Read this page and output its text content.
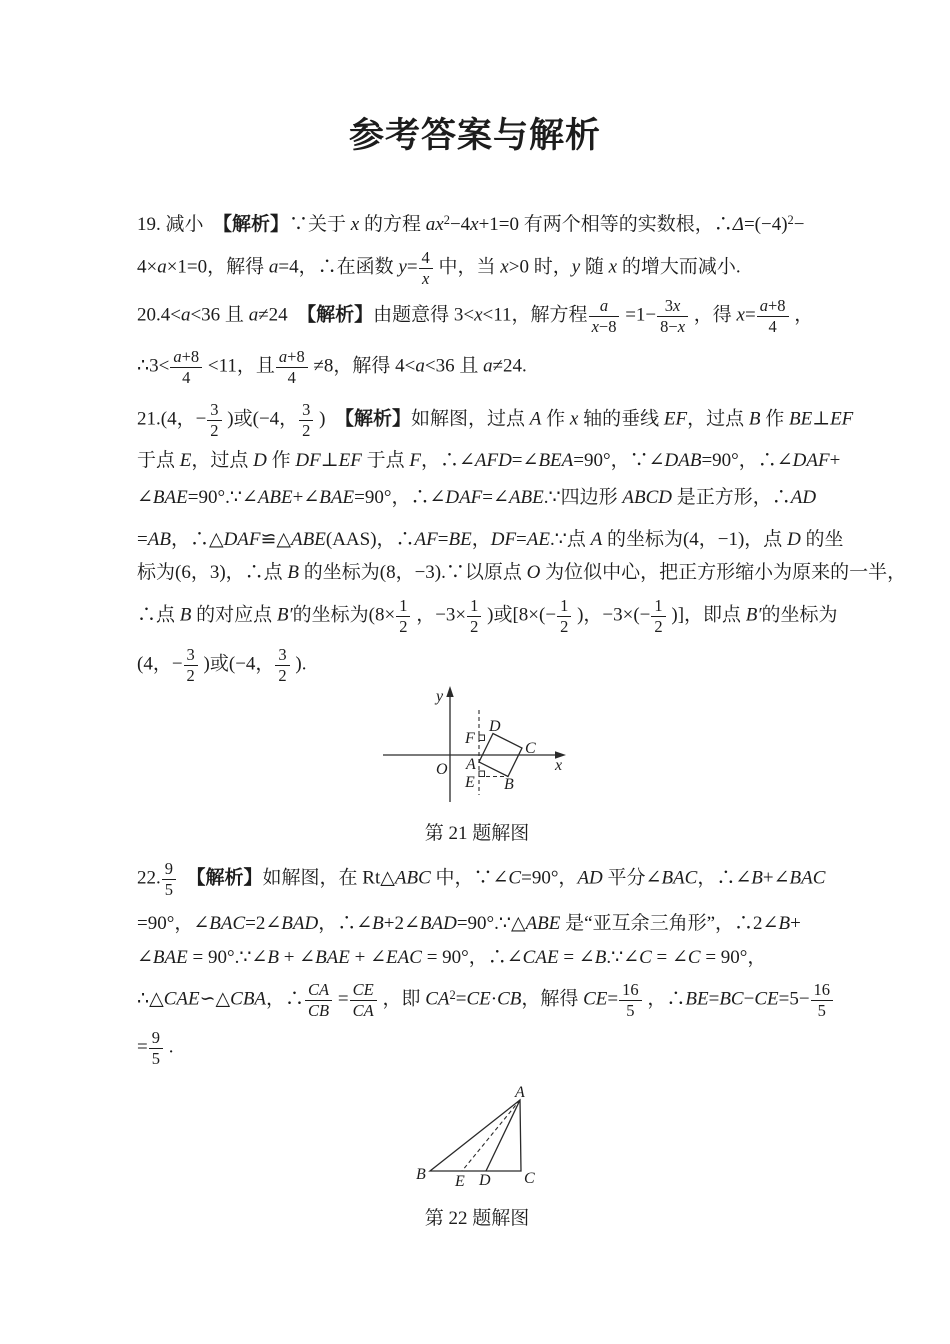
参考答案与解析
19. 减小　【解析】∵关于 x 的方程 $ax^2-4x+1=0$ 有两个相等的实数根，$\therefore\Delta=(-4)^2-$
4×a×1=0，解得 a=4，∴在函数 $y= \frac{4}{x}$ 中，当 x>0 时，y 随 x 的增大而减小.
20.4<a<36 且 a≠24　【解析】由题意得 3<x<11，解方程 $\frac{a}{x-8} =1- \frac{3x}{8-x}$ ，得 $x= \frac{a+8}{4}$ ，
∴3< $\frac{a+8}{4} <11$，且 $\frac{a+8}{4} \ne 8$，解得 4<a<36 且 a≠24.
21.(4，− $\frac{3}{2}$ )或(−4， $\frac{3}{2}$ )　【解析】如解图，过点 A 作 x 轴的垂线 EF，过点 B 作 BE⊥EF
于点 E，过点 D 作 DF⊥EF 于点 F，∴∠AFD=∠BEA=90°，∵∠DAB=90°，∴∠DAF+
∠BAE=90°.∵∠ABE+∠BAE=90°，∴∠DAF=∠ABE.∵四边形 ABCD 是正方形，∴AD
=AB，∴△DAF≌△ABE(AAS)，∴AF=BE，DF=AE.∵点 A 的坐标为(4，−1)，点 D 的坐
标为(6，3)，∴点 B 的坐标为(8，−3).∵以原点 O 为位似中心，把正方形缩小为原来的一半，
∴点 B 的对应点 B′的坐标为($8\times \frac{1}{2}$ ，$-3\times \frac{1}{2}$ )或[$8\times(- \frac{1}{2}$ )，$-3\times(- \frac{1}{2}$ )]，即点 B′的坐标为
(4，− $\frac{3}{2}$ )或(−4， $\frac{3}{2}$ ).
y
x
O
F
D
C
A
E B
第 21 题解图
22. $\frac{9}{5}$
　 【解析】如解图，在 Rt△ABC 中，∵∠C=90°，AD 平分∠BAC，∴∠B+∠BAC
=90°，∠BAC=2∠BAD，∴∠B+2∠BAD=90°.∵△ABE 是“亚互余三角形”，∴2∠B+
∠BAE = 90°.∵∠B + ∠BAE + ∠EAC = 90°，∴∠CAE = ∠B.∵∠C = ∠C = 90°，
∴△CAE∽△CBA，∴ $\frac{CA}{CB} = \frac{CE}{CA}$ ，即 $CA^2=CE\cdot CB$，解得 $CE= \frac{16}{5}$ ，∴BE=BC−CE=5− $\frac{16}{5}$
= $\frac{9}{5}$ .
A
B	C
E D
第 22 题解图
